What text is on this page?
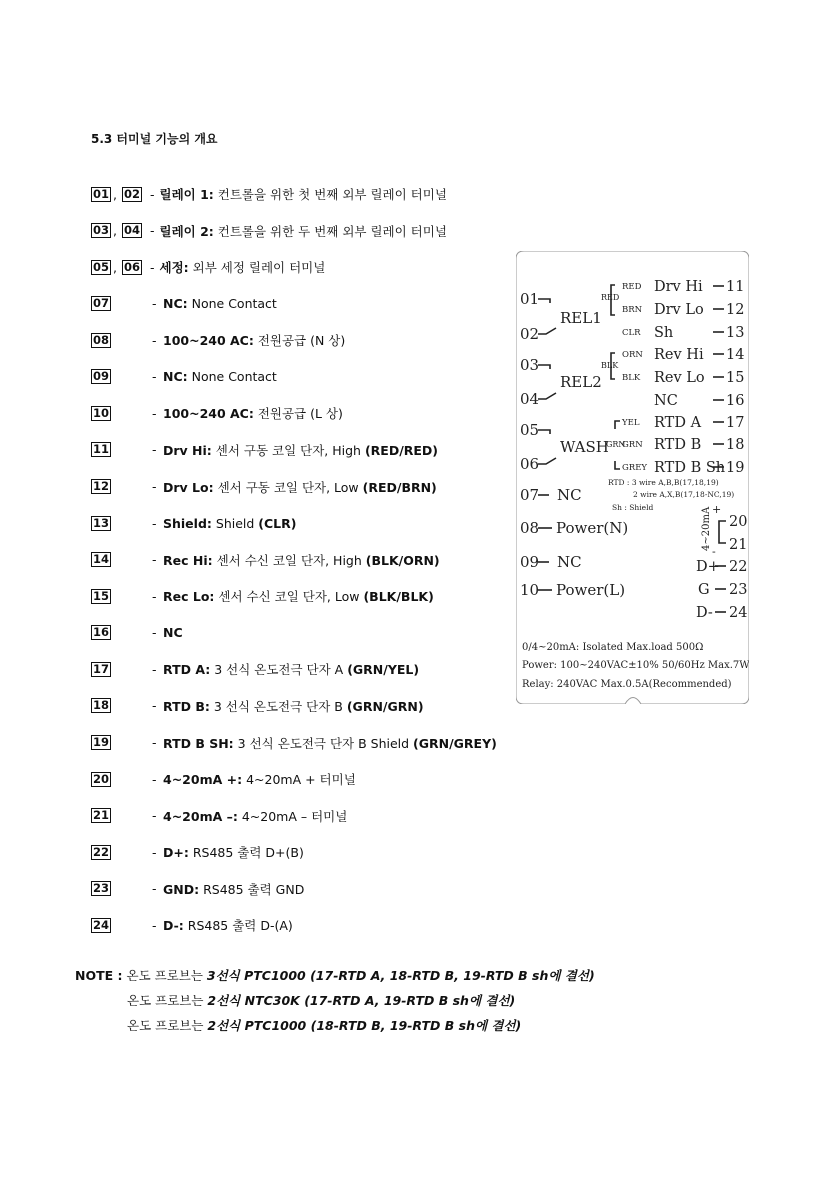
5.3 터미널 기능의 개요
01 , 02 - 릴레이 1: 컨트롤을 위한 첫 번째 외부 릴레이 터미널
03 , 04 - 릴레이 2: 컨트롤을 위한 두 번째 외부 릴레이 터미널
05 , 06 - 세정: 외부 세정 릴레이 터미널
07	- NC: None Contact
08	- 100~240 AC: 전원공급 (N 상)
09	- NC: None Contact
10	- 100~240 AC: 전원공급 (L 상)
11	- Drv Hi: 센서 구동 코일 단자, High (RED/RED)
12	- Drv Lo: 센서 구동 코일 단자, Low (RED/BRN)
13	- Shield: Shield (CLR)
14	- Rec Hi: 센서 수신 코일 단자, High (BLK/ORN)
15	- Rec Lo: 센서 수신 코일 단자, Low (BLK/BLK)
16	- NC
17	- RTD A: 3 선식 온도전극 단자 A (GRN/YEL)
18	- RTD B: 3 선식 온도전극 단자 B (GRN/GRN)
19	- RTD B SH: 3 선식 온도전극 단자 B Shield (GRN/GREY)
20	- 4~20mA +: 4~20mA + 터미널
21	- 4~20mA –: 4~20mA – 터미널
22	- D+: RS485 출력 D+(B)
23	- GND: RS485 출력 GND
24	- D-: RS485 출력 D-(A)
NOTE : 온도 프로브는 3선식 PTC1000 (17-RTD A, 18-RTD B, 19-RTD B sh에 결선)
온도 프로브는 2선식 NTC30K (17-RTD A, 19-RTD B sh에 결선)
온도 프로브는 2선식 PTC1000 (18-RTD B, 19-RTD B sh에 결선)
01
02
03
04
05
06
07
08
09
10
REL1
REL2
WASH
NC
Power(N)
NC
Power(L)
RED
BLK
GRN
RED
BRN
CLR
ORN
BLK
YEL
GRN
GREY
Drv Hi
Drv Lo
Sh
Rev Hi
Rev Lo
NC
RTD A
RTD B
RTD B Sh
11
12
13
14
15
16
17
18
19
RTD : 3 wire A,B,B(17,18,19)
2 wire A,X,B(17,18-NC,19)
Sh : Shield	4~20mA +
-
20
21
D+ 22
G 23
D- 24
0/4~20mA: Isolated Max.load 500Ω
Power: 100~240VAC±10% 50/60Hz Max.7W
Relay: 240VAC Max.0.5A(Recommended)
